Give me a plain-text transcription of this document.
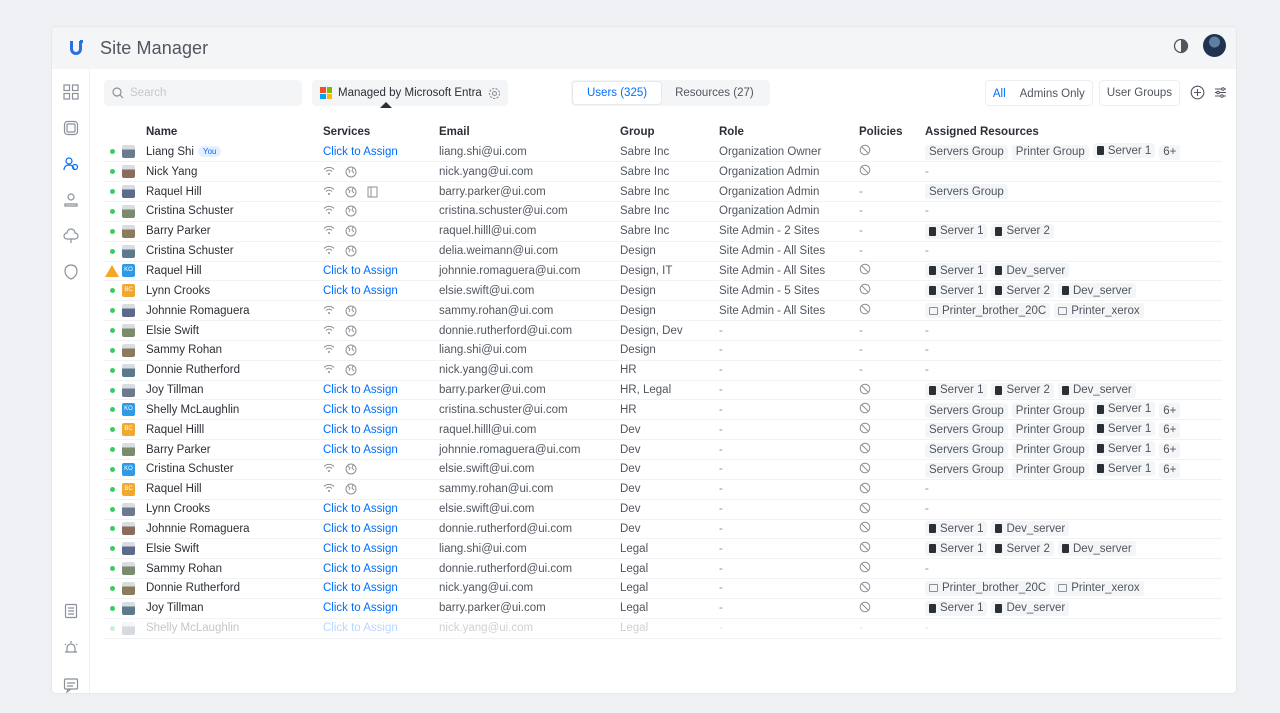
Site Manager
Search
Managed by Microsoft Entra	Users (325)	Resources (27)	All	Admins Only	User Groups
		Name	Services	Email	Group	Role	Policies	Assigned Resources
		Liang Shi You	Click to Assign	liang.shi@ui.com	Sabre Inc	Organization Owner		Servers Group Printer Group Server 1 6+

		Nick Yang		nick.yang@ui.com	Sabre Inc	Organization Admin		-
		Raquel Hill		barry.parker@ui.com	Sabre Inc	Organization Admin	-	Servers Group

		Cristina Schuster		cristina.schuster@ui.com	Sabre Inc	Organization Admin	-	-
		Barry Parker		raquel.hilll@ui.com	Sabre Inc	Site Admin - 2 Sites	-	Server 1 Server 2

		Cristina Schuster		delia.weimann@ui.com	Design	Site Admin - All Sites	-	-
	KO	Raquel Hill	Click to Assign	johnnie.romaguera@ui.com	Design, IT	Site Admin - All Sites		Server 1 Dev_server

	BC	Lynn Crooks	Click to Assign	elsie.swift@ui.com	Design	Site Admin - 5 Sites		Server 1 Server 2 Dev_server

		Johnnie Romaguera		sammy.rohan@ui.com	Design	Site Admin - All Sites		Printer_brother_20C Printer_xerox

		Elsie Swift		donnie.rutherford@ui.com	Design, Dev	-	-	-
		Sammy Rohan		liang.shi@ui.com	Design	-	-	-
		Donnie Rutherford		nick.yang@ui.com	HR	-	-	-
		Joy Tillman	Click to Assign	barry.parker@ui.com	HR, Legal	-		Server 1 Server 2 Dev_server

	KO	Shelly McLaughlin	Click to Assign	cristina.schuster@ui.com	HR	-		Servers Group Printer Group Server 1 6+

	BC	Raquel Hilll	Click to Assign	raquel.hilll@ui.com	Dev	-		Servers Group Printer Group Server 1 6+

		Barry Parker	Click to Assign	johnnie.romaguera@ui.com	Dev	-		Servers Group Printer Group Server 1 6+

	KO	Cristina Schuster		elsie.swift@ui.com	Dev	-		Servers Group Printer Group Server 1 6+

	BC	Raquel Hill		sammy.rohan@ui.com	Dev	-		-
		Lynn Crooks	Click to Assign	elsie.swift@ui.com	Dev	-		-
		Johnnie Romaguera	Click to Assign	donnie.rutherford@ui.com	Dev	-		Server 1 Dev_server

		Elsie Swift	Click to Assign	liang.shi@ui.com	Legal	-		Server 1 Server 2 Dev_server

		Sammy Rohan	Click to Assign	donnie.rutherford@ui.com	Legal	-		-
		Donnie Rutherford	Click to Assign	nick.yang@ui.com	Legal	-		Printer_brother_20C Printer_xerox

		Joy Tillman	Click to Assign	barry.parker@ui.com	Legal	-		Server 1 Dev_server

		Shelly McLaughlin	Click to Assign	nick.yang@ui.com	Legal	-	-	-
